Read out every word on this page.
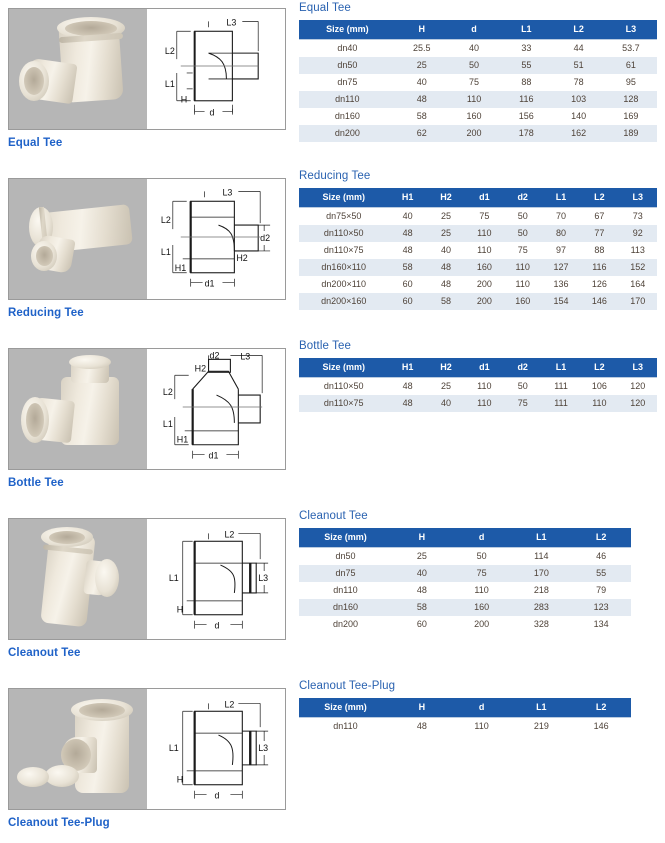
L2
L1
H
L3
d
Equal Tee
L2
L1
H1
H2
L3
d1
d2
Reducing Tee
L2
L1
H1
H2
d2 L3
d1
Bottle Tee
L1
H
L2
L3
d
Cleanout Tee
L1
H
L2
L3
d
Cleanout Tee-Plug
Equal Tee
Size (mm)	H	d	L1	L2	L3
dn40	25.5	40	33	44	53.7
dn50	25	50	55	51	61
dn75	40	75	88	78	95
dn110	48	110	116	103	128
dn160	58	160	156	140	169
dn200	62	200	178	162	189
Reducing Tee
Size (mm)	H1	H2	d1	d2	L1	L2	L3
dn75×50	40	25	75	50	70	67	73
dn110×50	48	25	110	50	80	77	92
dn110×75	48	40	110	75	97	88	113
dn160×110	58	48	160	110	127	116	152
dn200×110	60	48	200	110	136	126	164
dn200×160	60	58	200	160	154	146	170
Bottle Tee
Size (mm)	H1	H2	d1	d2	L1	L2	L3
dn110×50	48	25	110	50	111	106	120
dn110×75	48	40	110	75	111	110	120
Cleanout Tee
Size (mm)	H	d	L1	L2
dn50	25	50	114	46
dn75	40	75	170	55
dn110	48	110	218	79
dn160	58	160	283	123
dn200	60	200	328	134
Cleanout Tee-Plug
Size (mm)	H	d	L1	L2
dn110	48	110	219	146
